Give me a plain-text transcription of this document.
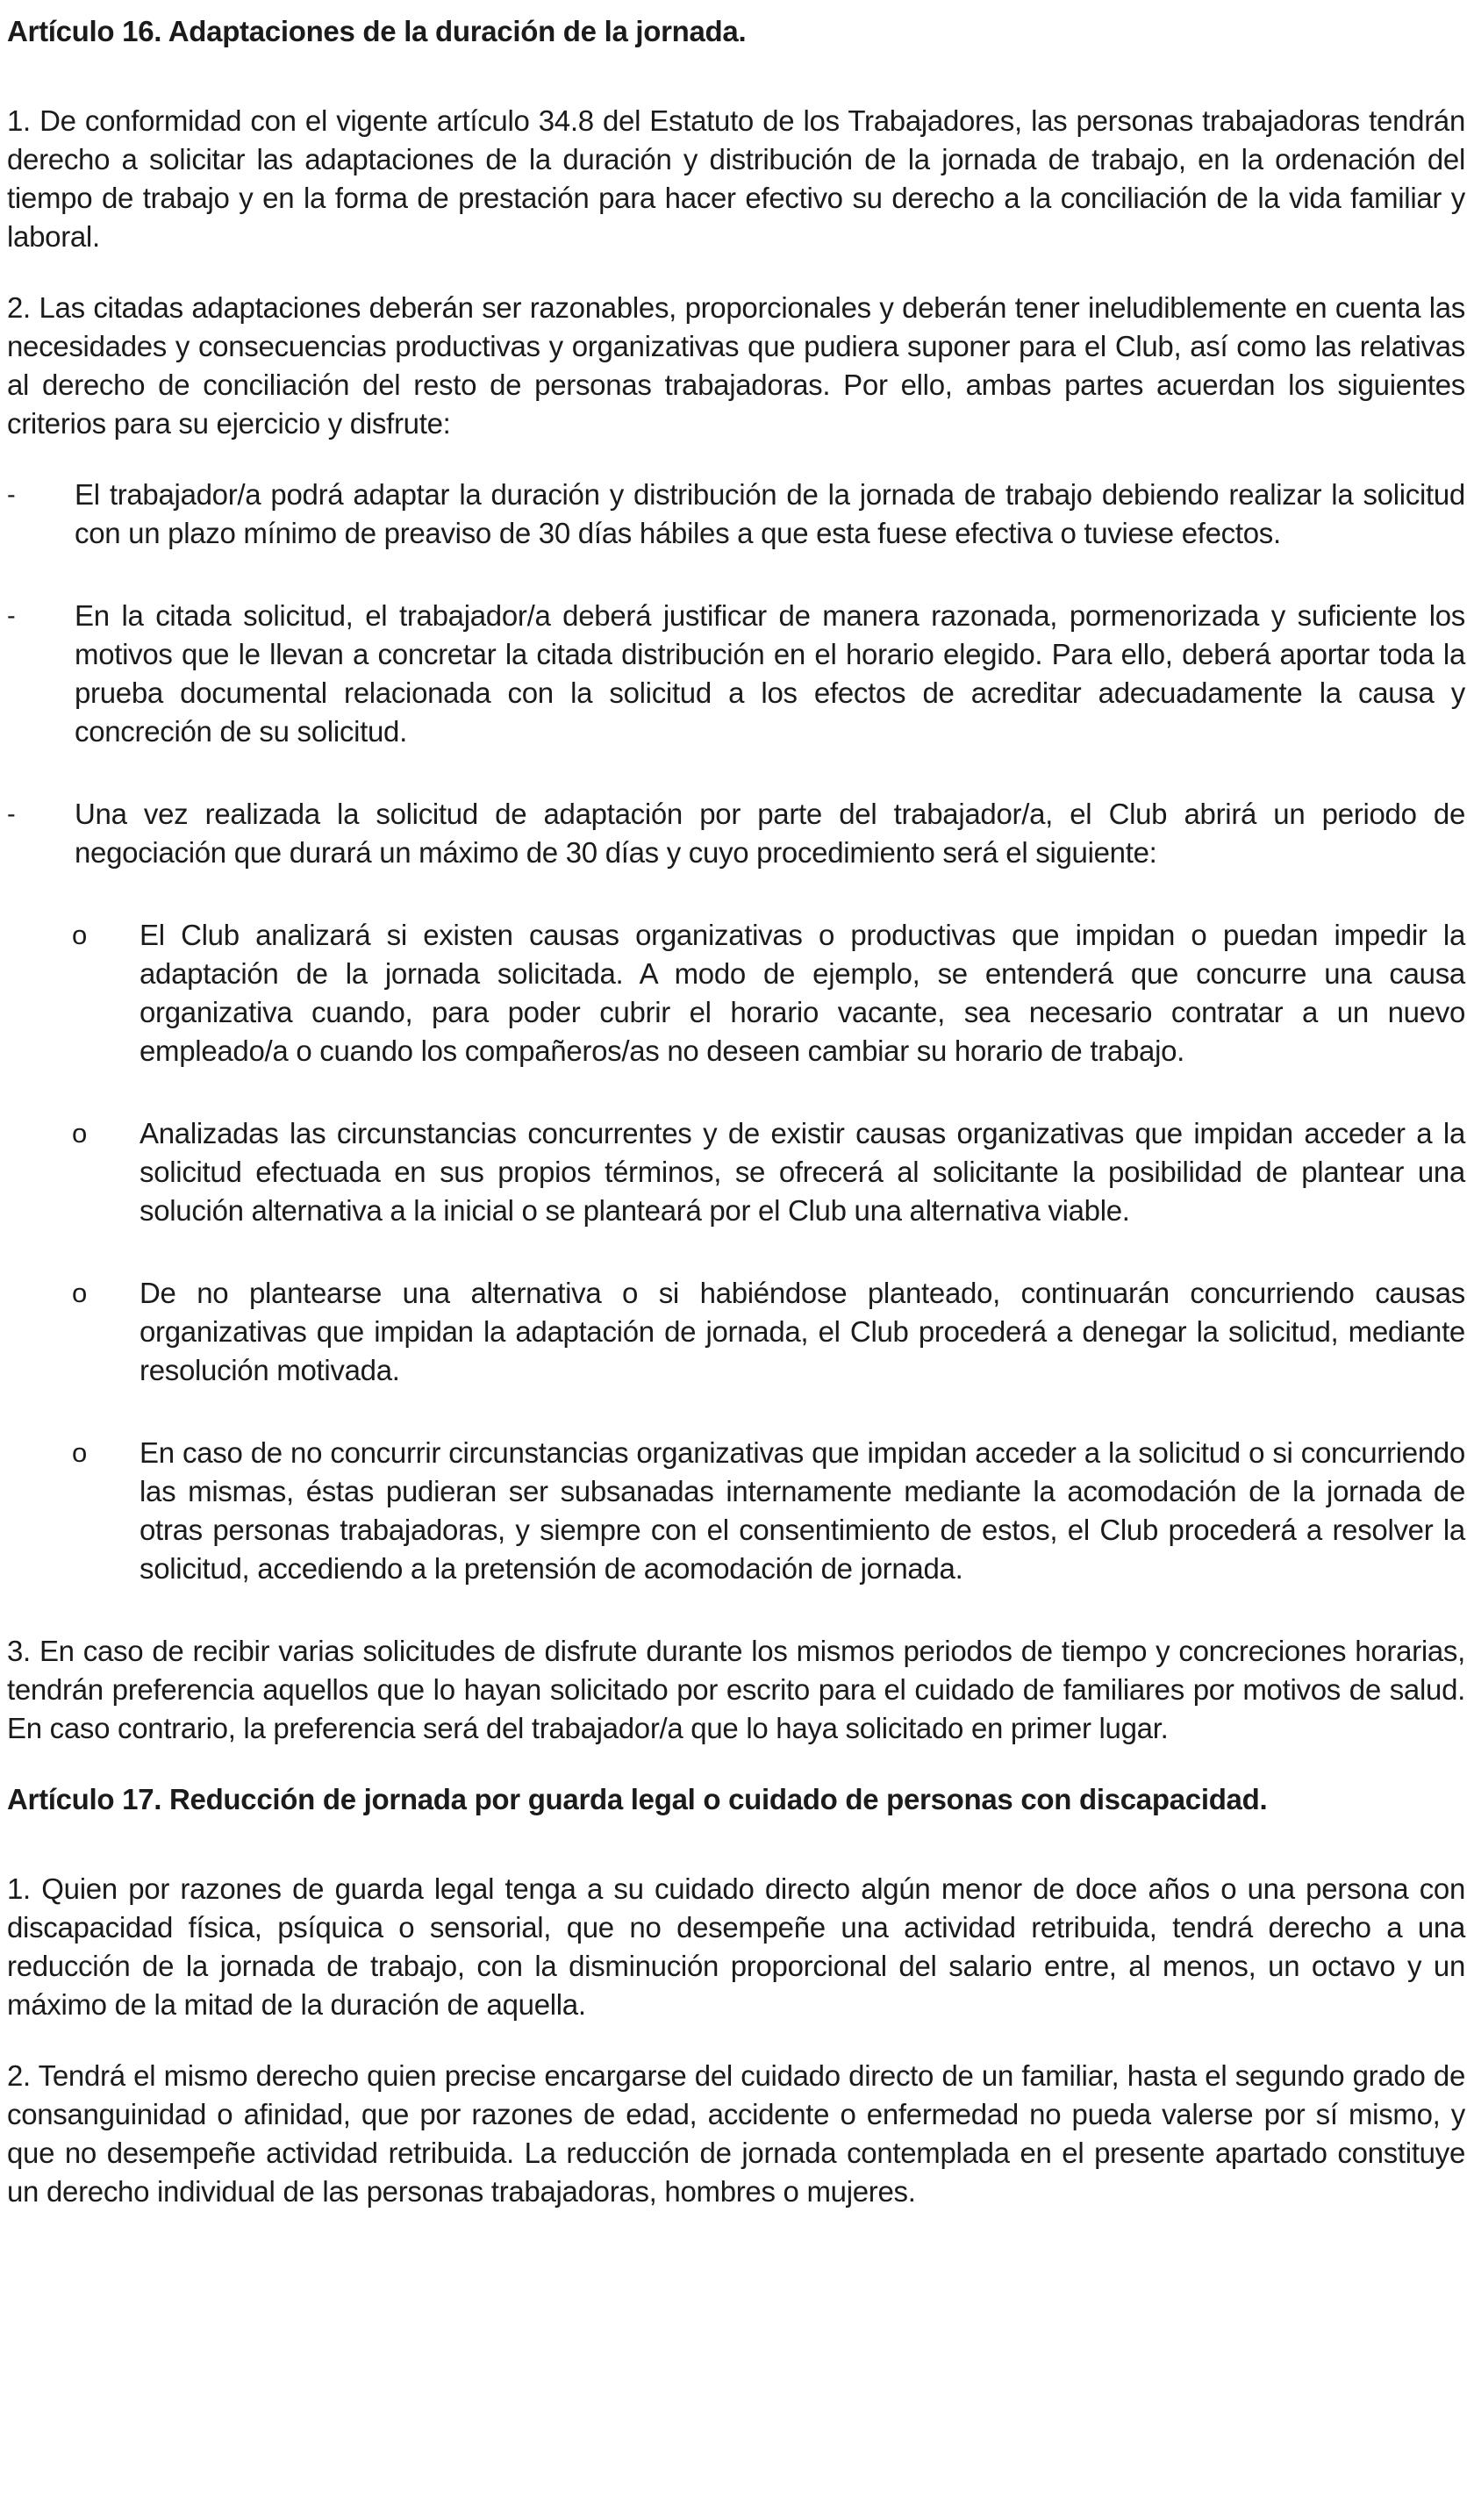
Artículo 16. Adaptaciones de la duración de la jornada.

1. De conformidad con el vigente artículo 34.8 del Estatuto de los Trabajadores, las personas trabajadoras tendrán derecho a solicitar las adaptaciones de la duración y distribución de la jornada de trabajo, en la ordenación del tiempo de trabajo y en la forma de prestación para hacer efectivo su derecho a la conciliación de la vida familiar y laboral.

2. Las citadas adaptaciones deberán ser razonables, proporcionales y deberán tener ineludiblemente en cuenta las necesidades y consecuencias productivas y organizativas que pudiera suponer para el Club, así como las relativas al derecho de conciliación del resto de personas trabajadoras. Por ello, ambas partes acuerdan los siguientes criterios para su ejercicio y disfrute:

-	El trabajador/a podrá adaptar la duración y distribución de la jornada de trabajo debiendo realizar la solicitud con un plazo mínimo de preaviso de 30 días hábiles a que esta fuese efectiva o tuviese efectos.
-	En la citada solicitud, el trabajador/a deberá justificar de manera razonada, pormenorizada y suficiente los motivos que le llevan a concretar la citada distribución en el horario elegido. Para ello, deberá aportar toda la prueba documental relacionada con la solicitud a los efectos de acreditar adecuadamente la causa y concreción de su solicitud.
-	Una vez realizada la solicitud de adaptación por parte del trabajador/a, el Club abrirá un periodo de negociación que durará un máximo de 30 días y cuyo procedimiento será el siguiente:
o	El Club analizará si existen causas organizativas o productivas que impidan o puedan impedir la adaptación de la jornada solicitada. A modo de ejemplo, se entenderá que concurre una causa organizativa cuando, para poder cubrir el horario vacante, sea necesario contratar a un nuevo empleado/a o cuando los compañeros/as no deseen cambiar su horario de trabajo.
o	Analizadas las circunstancias concurrentes y de existir causas organizativas que impidan acceder a la solicitud efectuada en sus propios términos, se ofrecerá al solicitante la posibilidad de plantear una solución alternativa a la inicial o se planteará por el Club una alternativa viable.
o	De no plantearse una alternativa o si habiéndose planteado, continuarán concurriendo causas organizativas que impidan la adaptación de jornada, el Club procederá a denegar la solicitud, mediante resolución motivada.
o	En caso de no concurrir circunstancias organizativas que impidan acceder a la solicitud o si concurriendo las mismas, éstas pudieran ser subsanadas internamente mediante la acomodación de la jornada de otras personas trabajadoras, y siempre con el consentimiento de estos, el Club procederá a resolver la solicitud, accediendo a la pretensión de acomodación de jornada.

3. En caso de recibir varias solicitudes de disfrute durante los mismos periodos de tiempo y concreciones horarias, tendrán preferencia aquellos que lo hayan solicitado por escrito para el cuidado de familiares por motivos de salud. En caso contrario, la preferencia será del trabajador/a que lo haya solicitado en primer lugar.

Artículo 17. Reducción de jornada por guarda legal o cuidado de personas con discapacidad.

1. Quien por razones de guarda legal tenga a su cuidado directo algún menor de doce años o una persona con discapacidad física, psíquica o sensorial, que no desempeñe una actividad retribuida, tendrá derecho a una reducción de la jornada de trabajo, con la disminución proporcional del salario entre, al menos, un octavo y un máximo de la mitad de la duración de aquella.

2. Tendrá el mismo derecho quien precise encargarse del cuidado directo de un familiar, hasta el segundo grado de consanguinidad o afinidad, que por razones de edad, accidente o enfermedad no pueda valerse por sí mismo, y que no desempeñe actividad retribuida. La reducción de jornada contemplada en el presente apartado constituye un derecho individual de las personas trabajadoras, hombres o mujeres.
